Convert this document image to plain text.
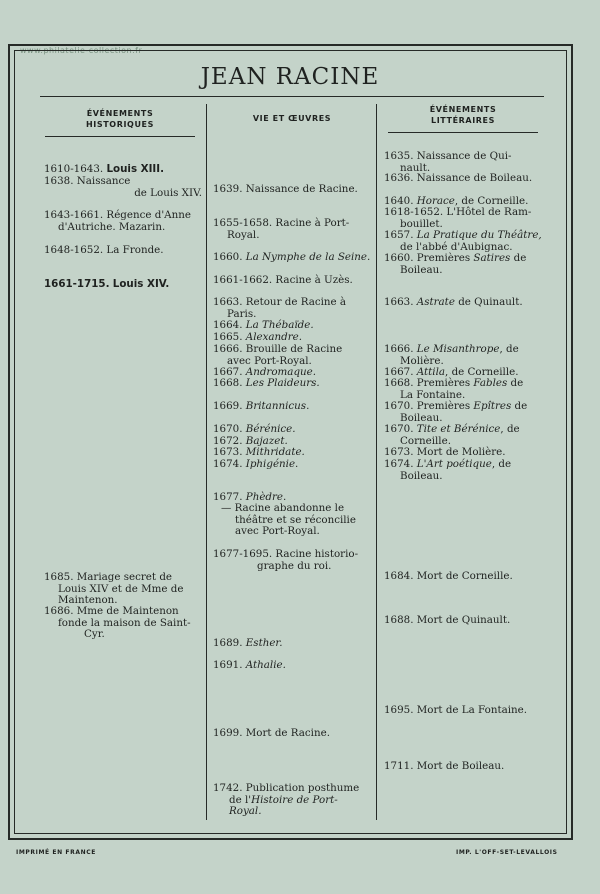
www.philatelie-collection.fr
JEAN RACINE
ÉVÉNEMENTS
HISTORIQUES
VIE ET ŒUVRES
ÉVÉNEMENTS
LITTÉRAIRES
1610-1643. Louis XIII.
1638. Naissance
de Louis XIV.
1643-1661. Régence d'Anne
d'Autriche. Mazarin.
1648-1652. La Fronde.
1661-1715. Louis XIV.
1685. Mariage secret de
Louis XIV et de Mme de
Maintenon.
1686. Mme de Maintenon
fonde la maison de Saint-
Cyr.
1639. Naissance de Racine.
1655-1658. Racine à Port-
Royal.
1660. La Nymphe de la Seine.
1661-1662. Racine à Uzès.
1663. Retour de Racine à
Paris.
1664. La Thébaïde.
1665. Alexandre.
1666. Brouille de Racine
avec Port-Royal.
1667. Andromaque.
1668. Les Plaideurs.
1669. Britannicus.
1670. Bérénice.
1672. Bajazet.
1673. Mithridate.
1674. Iphigénie.
1677. Phèdre.
— Racine abandonne le
théâtre et se réconcilie
avec Port-Royal.
1677-1695. Racine historio-
graphe du roi.
1689. Esther.
1691. Athalie.
1699. Mort de Racine.
1742. Publication posthume
de l'Histoire de Port-
Royal.
1635. Naissance de Qui-
nault.
1636. Naissance de Boileau.
1640. Horace, de Corneille.
1618-1652. L'Hôtel de Ram-
bouillet.
1657. La Pratique du Théâtre,
de l'abbé d'Aubignac.
1660. Premières Satires de
Boileau.
1663. Astrate de Quinault.
1666. Le Misanthrope, de
Molière.
1667. Attila, de Corneille.
1668. Premières Fables de
La Fontaine.
1670. Premières Epîtres de
Boileau.
1670. Tite et Bérénice, de
Corneille.
1673. Mort de Molière.
1674. L'Art poétique, de
Boileau.
1684. Mort de Corneille.
1688. Mort de Quinault.
1695. Mort de La Fontaine.
1711. Mort de Boileau.
IMPRIMÉ EN FRANCE	IMP. L'OFF-SET-LEVALLOIS
